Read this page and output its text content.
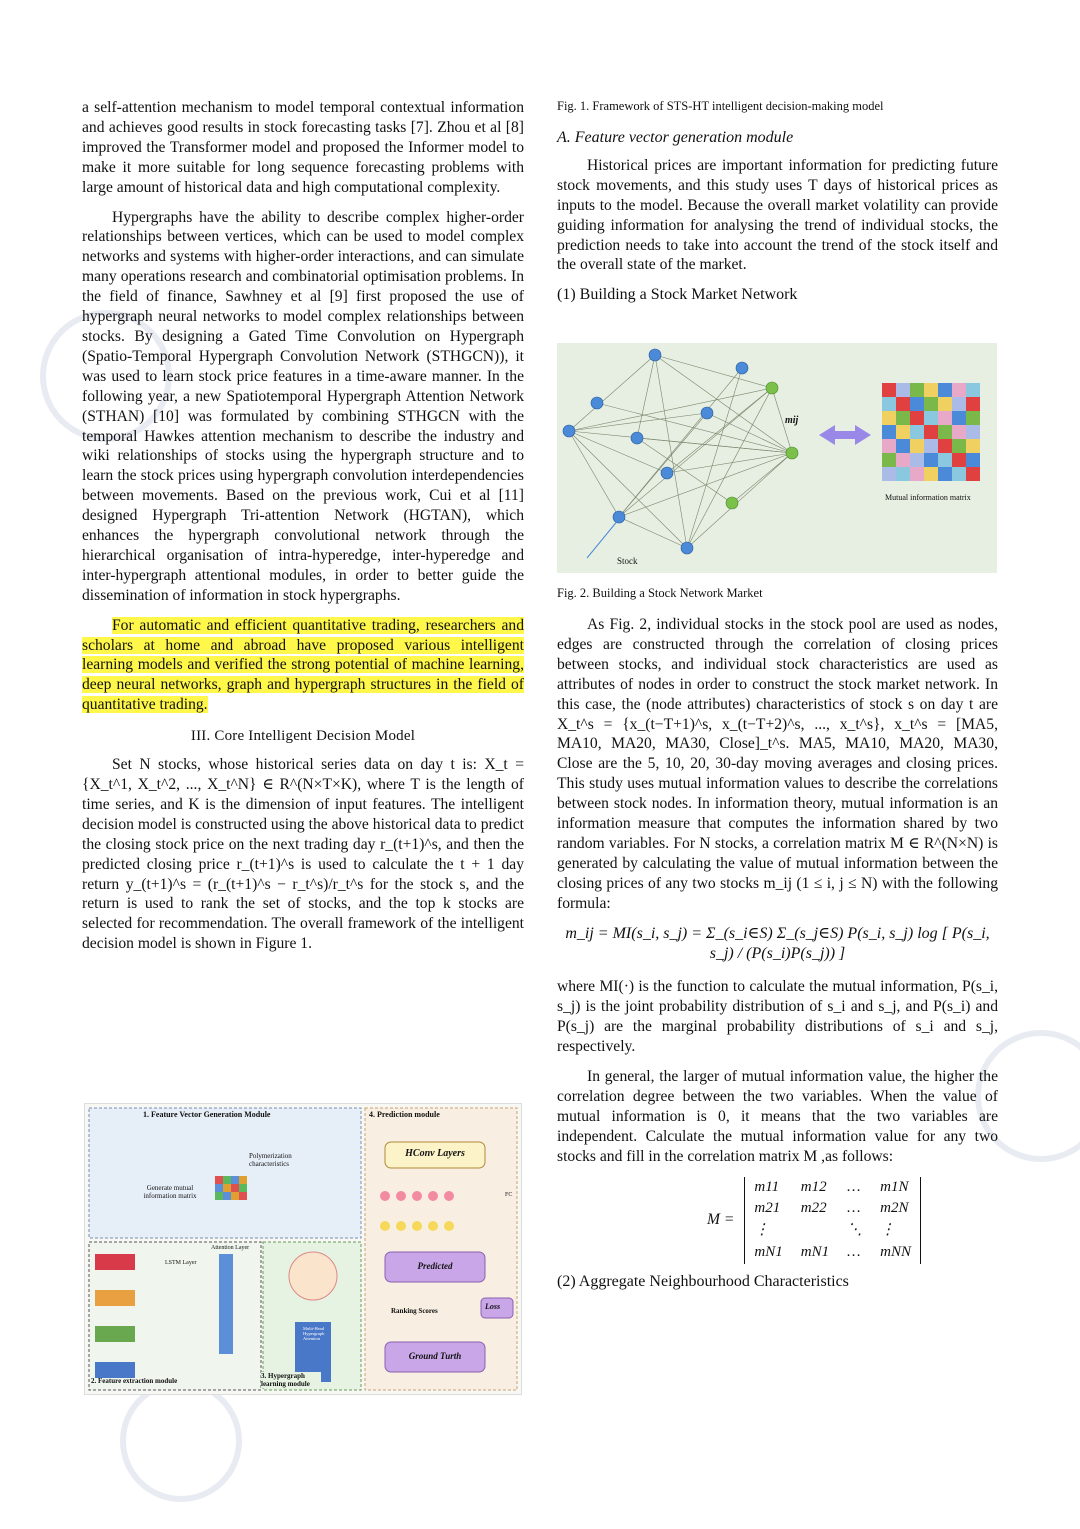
a self-attention mechanism to model temporal contextual information and achieves good results in stock forecasting tasks [7]. Zhou et al [8] improved the Transformer model and proposed the Informer model to make it more suitable for long sequence forecasting problems with large amount of historical data and high computational complexity.

Hypergraphs have the ability to describe complex higher-order relationships between vertices, which can be used to model complex networks and systems with higher-order interactions, and can simulate many operations research and combinatorial optimisation problems. In the field of finance, Sawhney et al [9] first proposed the use of hypergraph neural networks to model complex relationships between stocks. By designing a Gated Time Convolution on Hypergraph (Spatio-Temporal Hypergraph Convolution Network (STHGCN)), it was used to learn stock price features in a time-aware manner. In the following year, a new Spatiotemporal Hypergraph Attention Network (STHAN) [10] was formulated by combining STHGCN with the temporal Hawkes attention mechanism to describe the industry and wiki relationships of stocks using the hypergraph structure and to learn the stock prices using hypergraph convolution interdependencies between movements. Based on the previous work, Cui et al [11] designed Hypergraph Tri-attention Network (HGTAN), which enhances the hypergraph convolutional network through the hierarchical organisation of intra-hyperedge, inter-hyperedge and inter-hypergraph attentional modules, in order to better guide the dissemination of information in stock hypergraphs.

For automatic and efficient quantitative trading, researchers and scholars at home and abroad have proposed various intelligent learning models and verified the strong potential of machine learning, deep neural networks, graph and hypergraph structures in the field of quantitative trading.

III. Core Intelligent Decision Model

Set N stocks, whose historical series data on day t is: X_t = {X_t^1, X_t^2, ..., X_t^N} ∈ R^(N×T×K), where T is the length of time series, and K is the dimension of input features. The intelligent decision model is constructed using the above historical data to predict the closing stock price on the next trading day r_(t+1)^s, and then the predicted closing price r_(t+1)^s is used to calculate the t + 1 day return y_(t+1)^s = (r_(t+1)^s − r_t^s)/r_t^s for the stock s, and the return is used to rank the set of stocks, and the top k stocks are selected for recommendation. The overall framework of the intelligent decision model is shown in Figure 1.

1. Feature Vector Generation Module	4. Prediction module
Generate mutual information matrix
Polymerization characteristics
LSTM Layer
Attention Layer
HConv Layers
FC
Predicted
Ranking Scores	Loss
Ground Turth
Multi-Head Hypergraph Attention
2. Feature extraction module
3. Hypergraph learning module
Fig. 1. Framework of STS-HT intelligent decision-making model
A. Feature vector generation module

Historical prices are important information for predicting future stock movements, and this study uses T days of historical prices as inputs to the model. Because the overall market volatility can provide guiding information for analysing the trend of individual stocks, the prediction needs to take into account the trend of the stock itself and the overall state of the market.

(1) Building a Stock Market Network
mij
Stock
Mutual information matrix
Fig. 2. Building a Stock Network Market

As Fig. 2, individual stocks in the stock pool are used as nodes, edges are constructed through the correlation of closing prices between stocks, and individual stock characteristics are used as attributes of nodes in order to construct the stock market network. In this case, the (node attributes) characteristics of stock s on day t are X_t^s = {x_(t−T+1)^s, x_(t−T+2)^s, ..., x_t^s}, x_t^s = [MA5, MA10, MA20, MA30, Close]_t^s. MA5, MA10, MA20, MA30, Close are the 5, 10, 20, 30-day moving averages and closing prices. This study uses mutual information values to describe the correlations between stock nodes. In information theory, mutual information is an information measure that computes the information shared by two random variables. For N stocks, a correlation matrix M ∈ R^(N×N) is generated by calculating the value of mutual information between the closing prices of any two stocks m_ij (1 ≤ i, j ≤ N) with the following formula:

m_ij = MI(s_i, s_j) = Σ_(s_i∈S) Σ_(s_j∈S) P(s_i, s_j) log [ P(s_i, s_j) / (P(s_i)P(s_j)) ]

where MI(·) is the function to calculate the mutual information, P(s_i, s_j) is the joint probability distribution of s_i and s_j, and P(s_i) and P(s_j) are the marginal probability distributions of s_i and s_j, respectively.

In general, the larger of mutual information value, the higher the correlation degree between the two variables. When the value of mutual information is 0, it means that the two variables are independent. Calculate the mutual information value for any two stocks and fill in the correlation matrix M ,as follows:

M =
m11	m12	…	m1N
m21	m22	…	m2N
⋮		⋱	⋮
mN1	mN1	…	mNN
(2) Aggregate Neighbourhood Characteristics
